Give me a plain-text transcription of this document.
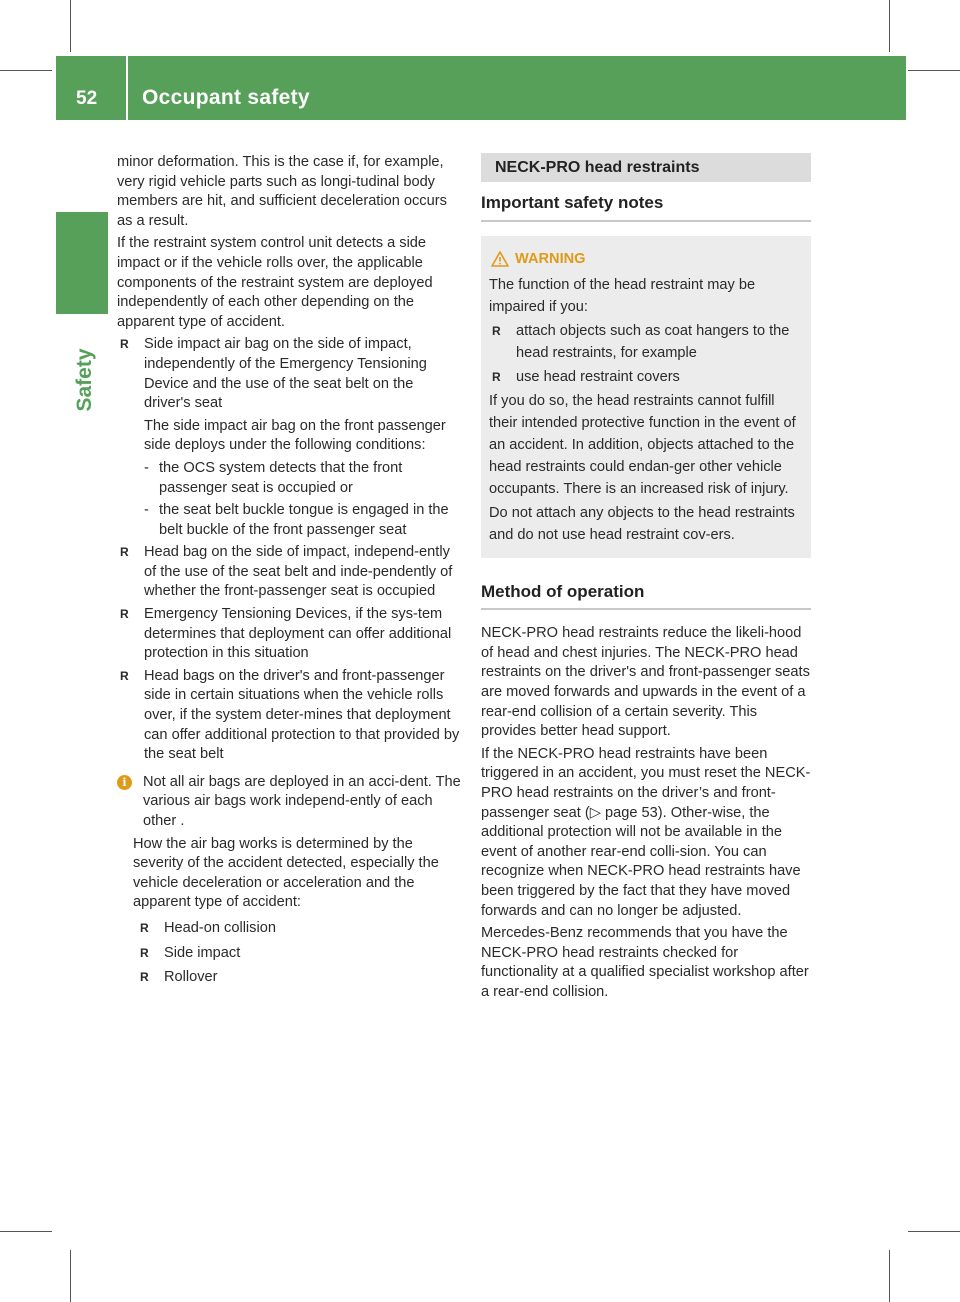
52 Occupant safety
Safety

minor deformation. This is the case if, for example, very rigid vehicle parts such as longi-tudinal body members are hit, and sufficient deceleration occurs as a result.

If the restraint system control unit detects a side impact or if the vehicle rolls over, the applicable components of the restraint system are deployed independently of each other depending on the apparent type of accident.

R Side impact air bag on the side of impact, independently of the Emergency Tensioning Device and the use of the seat belt on the driver's seat
The side impact air bag on the front passenger side deploys under the following conditions:
- the OCS system detects that the front passenger seat is occupied or
- the seat belt buckle tongue is engaged in the belt buckle of the front passenger seat
R Head bag on the side of impact, independ-ently of the use of the seat belt and inde-pendently of whether the front-passenger seat is occupied
R Emergency Tensioning Devices, if the sys-tem determines that deployment can offer additional protection in this situation
R Head bags on the driver's and front-passenger side in certain situations when the vehicle rolls over, if the system deter-mines that deployment can offer additional protection to that provided by the seat belt
i	Not all air bags are deployed in an acci-dent. The various air bags work independ-ently of each other .

How the air bag works is determined by the severity of the accident detected, especially the vehicle deceleration or acceleration and the apparent type of accident:

R Head-on collision
R Side impact
R Rollover
NECK-PRO head restraints
Important safety notes
WARNING

The function of the head restraint may be impaired if you:

R attach objects such as coat hangers to the head restraints, for example
R use head restraint covers

If you do so, the head restraints cannot fulfill their intended protective function in the event of an accident. In addition, objects attached to the head restraints could endan-ger other vehicle occupants. There is an increased risk of injury.

Do not attach any objects to the head restraints and do not use head restraint cov-ers.

Method of operation

NECK-PRO head restraints reduce the likeli-hood of head and chest injuries. The NECK-PRO head restraints on the driver's and front-passenger seats are moved forwards and upwards in the event of a rear-end collision of a certain severity. This provides better head support.

If the NECK-PRO head restraints have been triggered in an accident, you must reset the NECK-PRO head restraints on the driver’s and front-passenger seat (▷ page 53). Other-wise, the additional protection will not be available in the event of another rear-end colli-sion. You can recognize when NECK-PRO head restraints have been triggered by the fact that they have moved forwards and can no longer be adjusted.

Mercedes-Benz recommends that you have the NECK-PRO head restraints checked for functionality at a qualified specialist workshop after a rear-end collision.
